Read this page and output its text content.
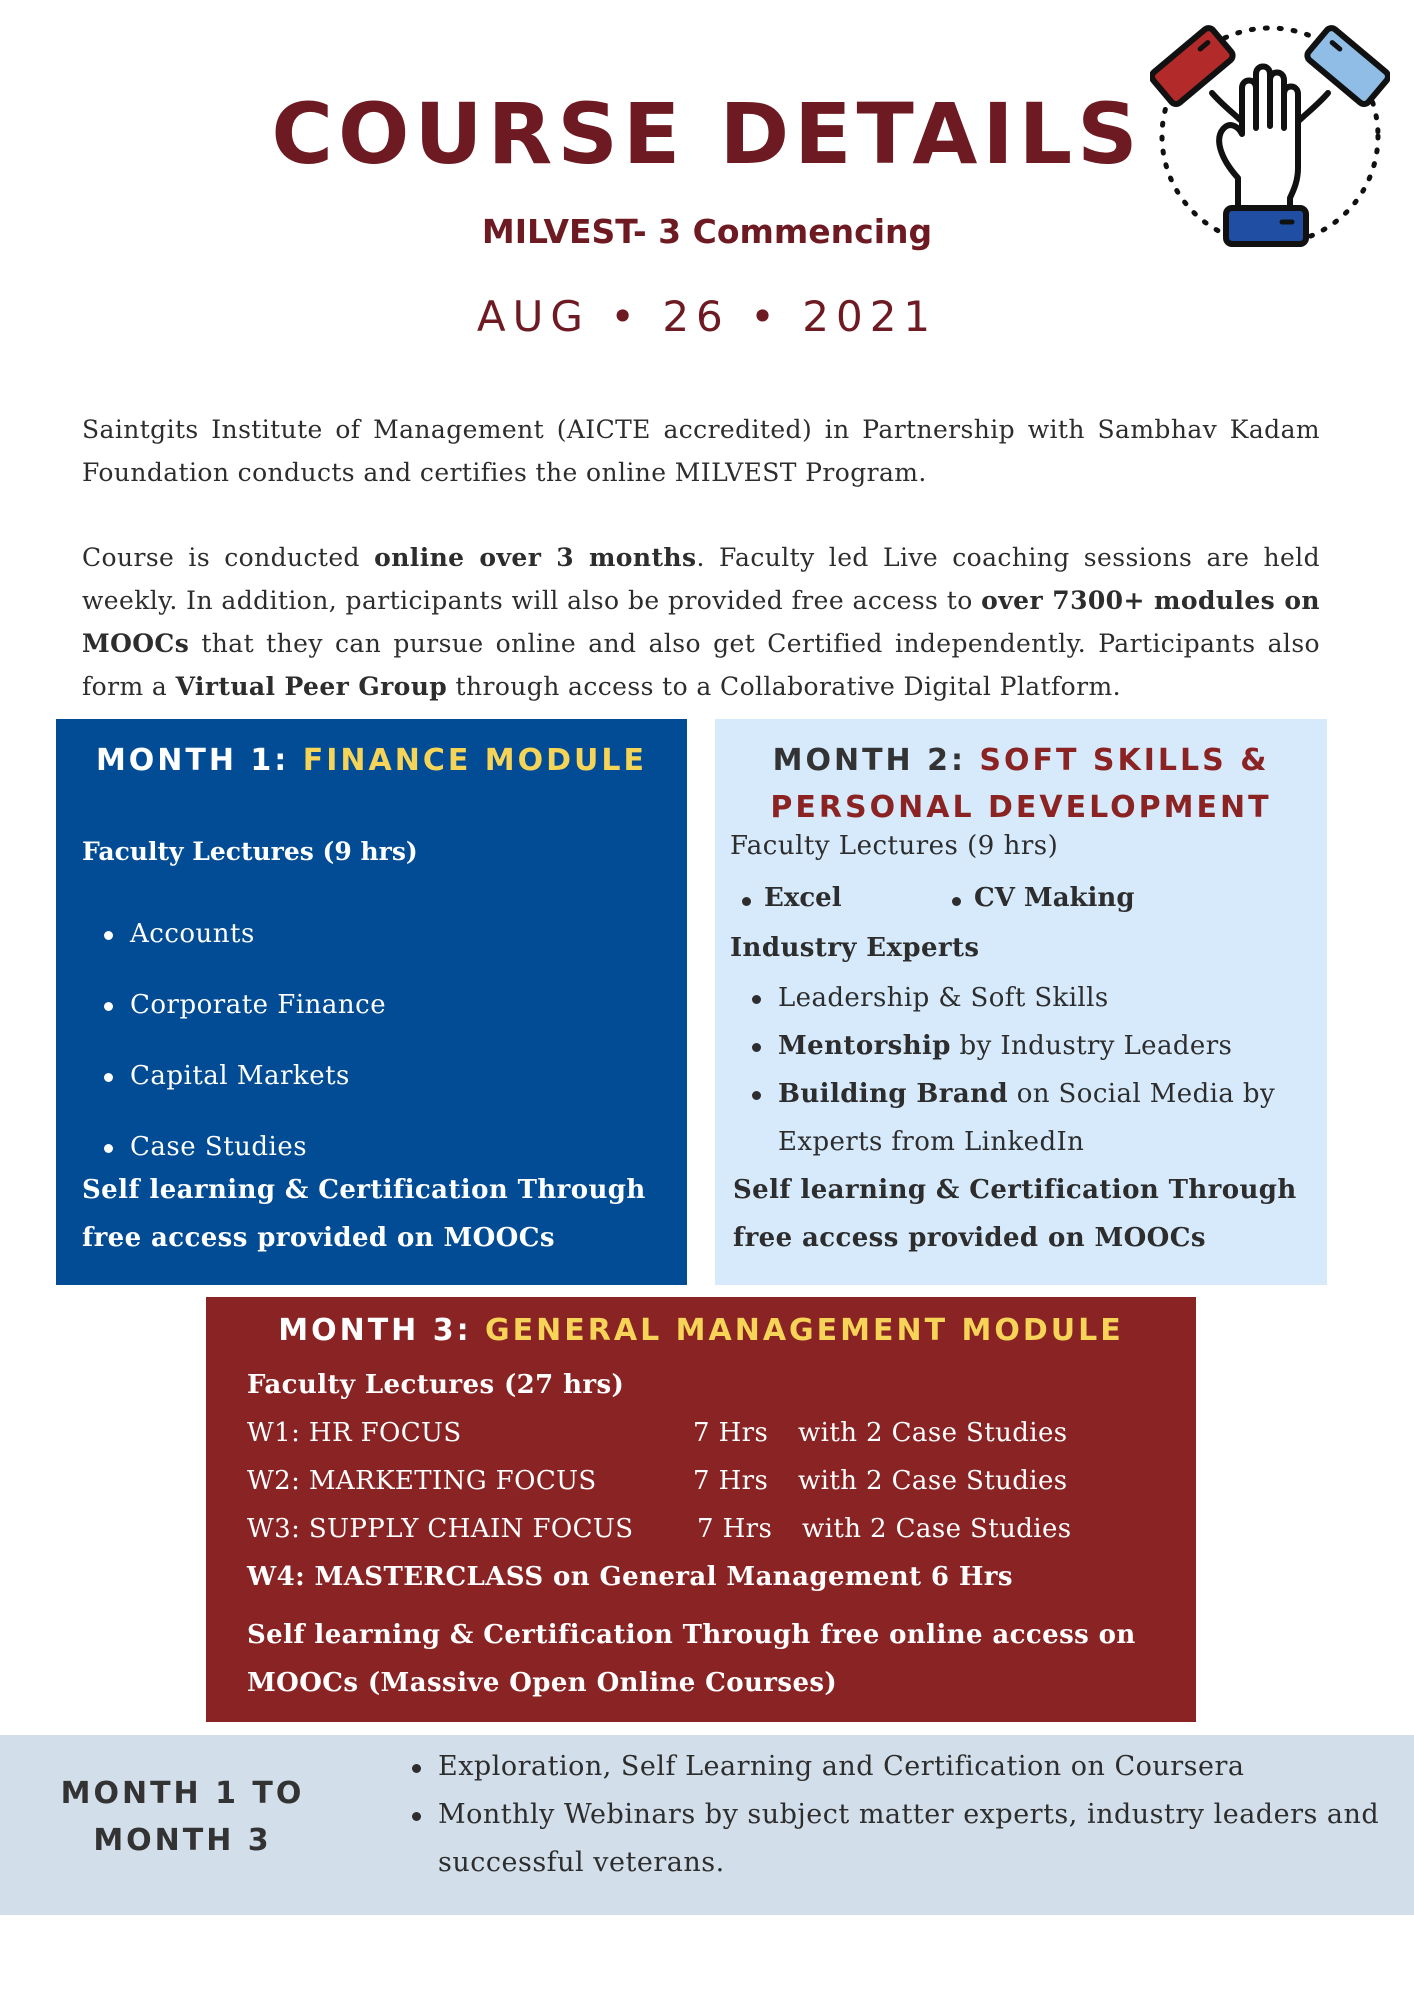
COURSE DETAILS
MILVEST- 3 Commencing
AUG • 26 • 2021

Saintgits Institute of Management (AICTE accredited) in Partnership with Sambhav Kadam Foundation conducts and certifies the online MILVEST Program.

Course is conducted online over 3 months. Faculty led Live coaching sessions are held weekly. In addition, participants will also be provided free access to over 7300+ modules on MOOCs that they can pursue online and also get Certified independently. Participants also form a Virtual Peer Group through access to a Collaborative Digital Platform.

MONTH 1: FINANCE MODULE
Faculty Lectures (9 hrs)
Accounts
Corporate Finance
Capital Markets
Case Studies
Self learning & Certification Through free access provided on MOOCs
MONTH 2: SOFT SKILLS & PERSONAL DEVELOPMENT
Faculty Lectures (9 hrs)
Excel	CV Making
Industry Experts
Leadership & Soft Skills
Mentorship by Industry Leaders
Building Brand on Social Media by Experts from LinkedIn
Self learning & Certification Through free access provided on MOOCs
MONTH 3: GENERAL MANAGEMENT MODULE
Faculty Lectures (27 hrs)
W1: HR FOCUS	7 Hrs with 2 Case Studies
W2: MARKETING FOCUS	7 Hrs with 2 Case Studies
W3: SUPPLY CHAIN FOCUS 7 Hrs with 2 Case Studies
W4: MASTERCLASS on General Management 6 Hrs
Self learning & Certification Through free online access on MOOCs (Massive Open Online Courses)
MONTH 1 TO MONTH 3
Exploration, Self Learning and Certification on Coursera
Monthly Webinars by subject matter experts, industry leaders and successful veterans.
